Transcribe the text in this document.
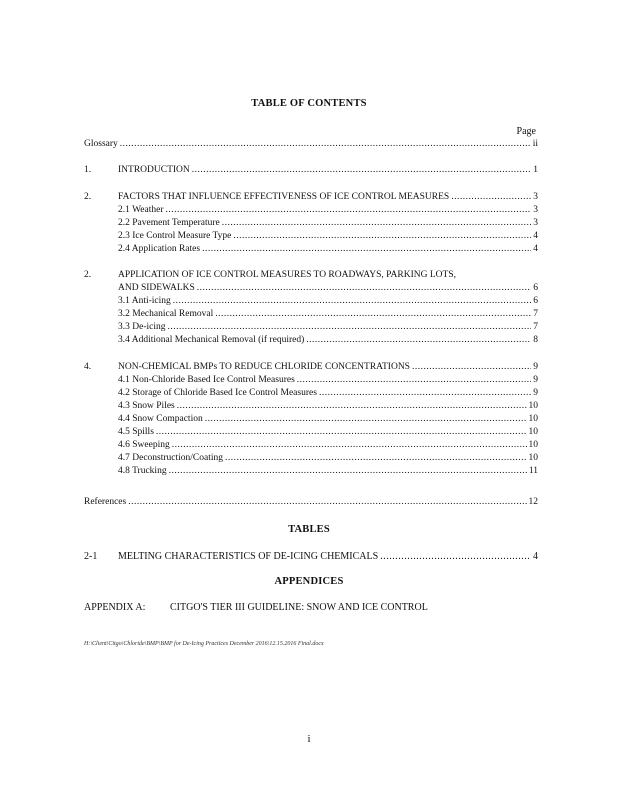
TABLE OF CONTENTS
Page
Glossary .....	ii
1.	INTRODUCTION .....	1
2.	FACTORS THAT INFLUENCE EFFECTIVENESS OF ICE CONTROL MEASURES .....	3
2.1 Weather .....	3
2.2 Pavement Temperature .....	3
2.3 Ice Control Measure Type .....	4
2.4 Application Rates .....	4
2.	APPLICATION OF ICE CONTROL MEASURES TO ROADWAYS, PARKING LOTS,
AND SIDEWALKS .....	6
3.1 Anti-icing .....	6
3.2 Mechanical Removal .....	7
3.3 De-icing .....	7
3.4 Additional Mechanical Removal (if required) .....	8
4.	NON-CHEMICAL BMPs TO REDUCE CHLORIDE CONCENTRATIONS .....	9
4.1 Non-Chloride Based Ice Control Measures .....	9
4.2 Storage of Chloride Based Ice Control Measures .....	9
4.3 Snow Piles .....	10
4.4 Snow Compaction .....	10
4.5 Spills .....	10
4.6 Sweeping .....	10
4.7 Deconstruction/Coating .....	10
4.8 Trucking .....	11
References .....	12
TABLES
2-1	MELTING CHARACTERISTICS OF DE-ICING CHEMICALS .....	4
APPENDICES
APPENDIX A: CITGO'S TIER III GUIDELINE: SNOW AND ICE CONTROL
H:\Client\Citgo\Chloride\BMP\BMP for De-Icing Practices December 2016\12.15.2016 Final.docx
i
